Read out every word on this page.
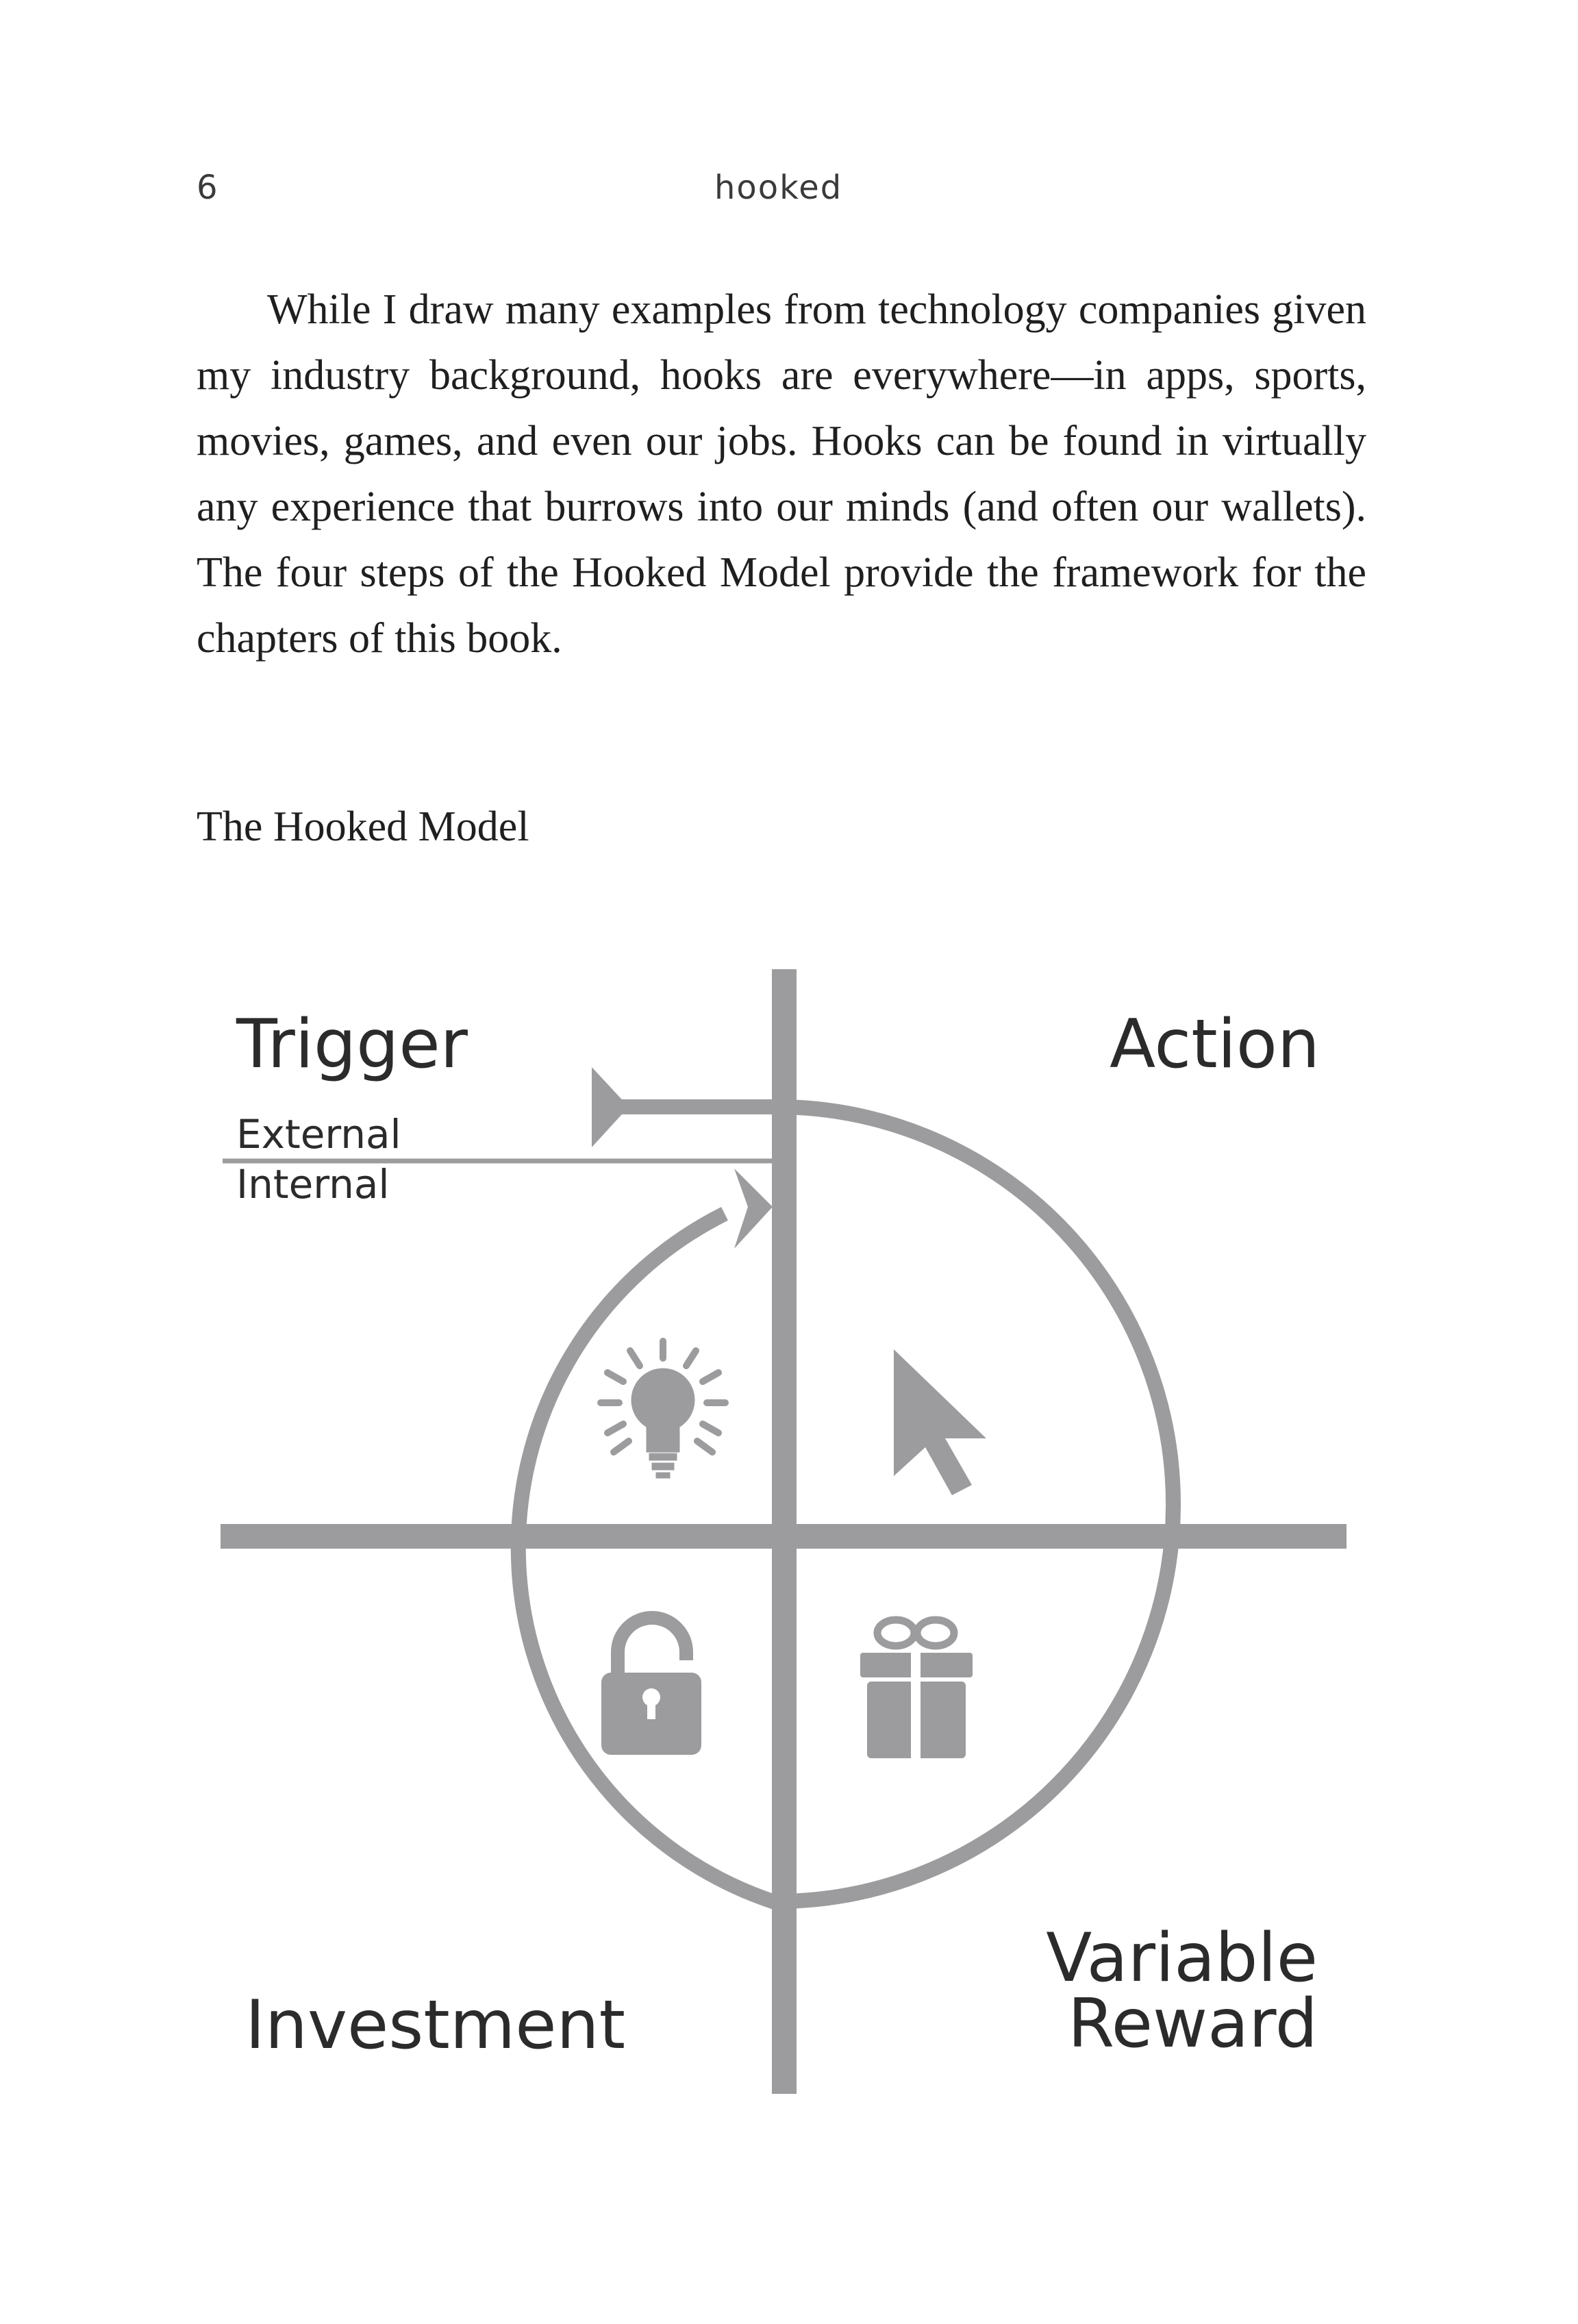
6	hooked

While I draw many examples from technology companies given my industry background, hooks are everywhere—in apps, sports, movies, games, and even our jobs. Hooks can be found in virtually any experience that burrows into our minds (and often our wallets). The four steps of the Hooked Model provide the framework for the chapters of this book.

The Hooked Model

Trigger
External
Internal
Action
Investment
Variable
Reward
